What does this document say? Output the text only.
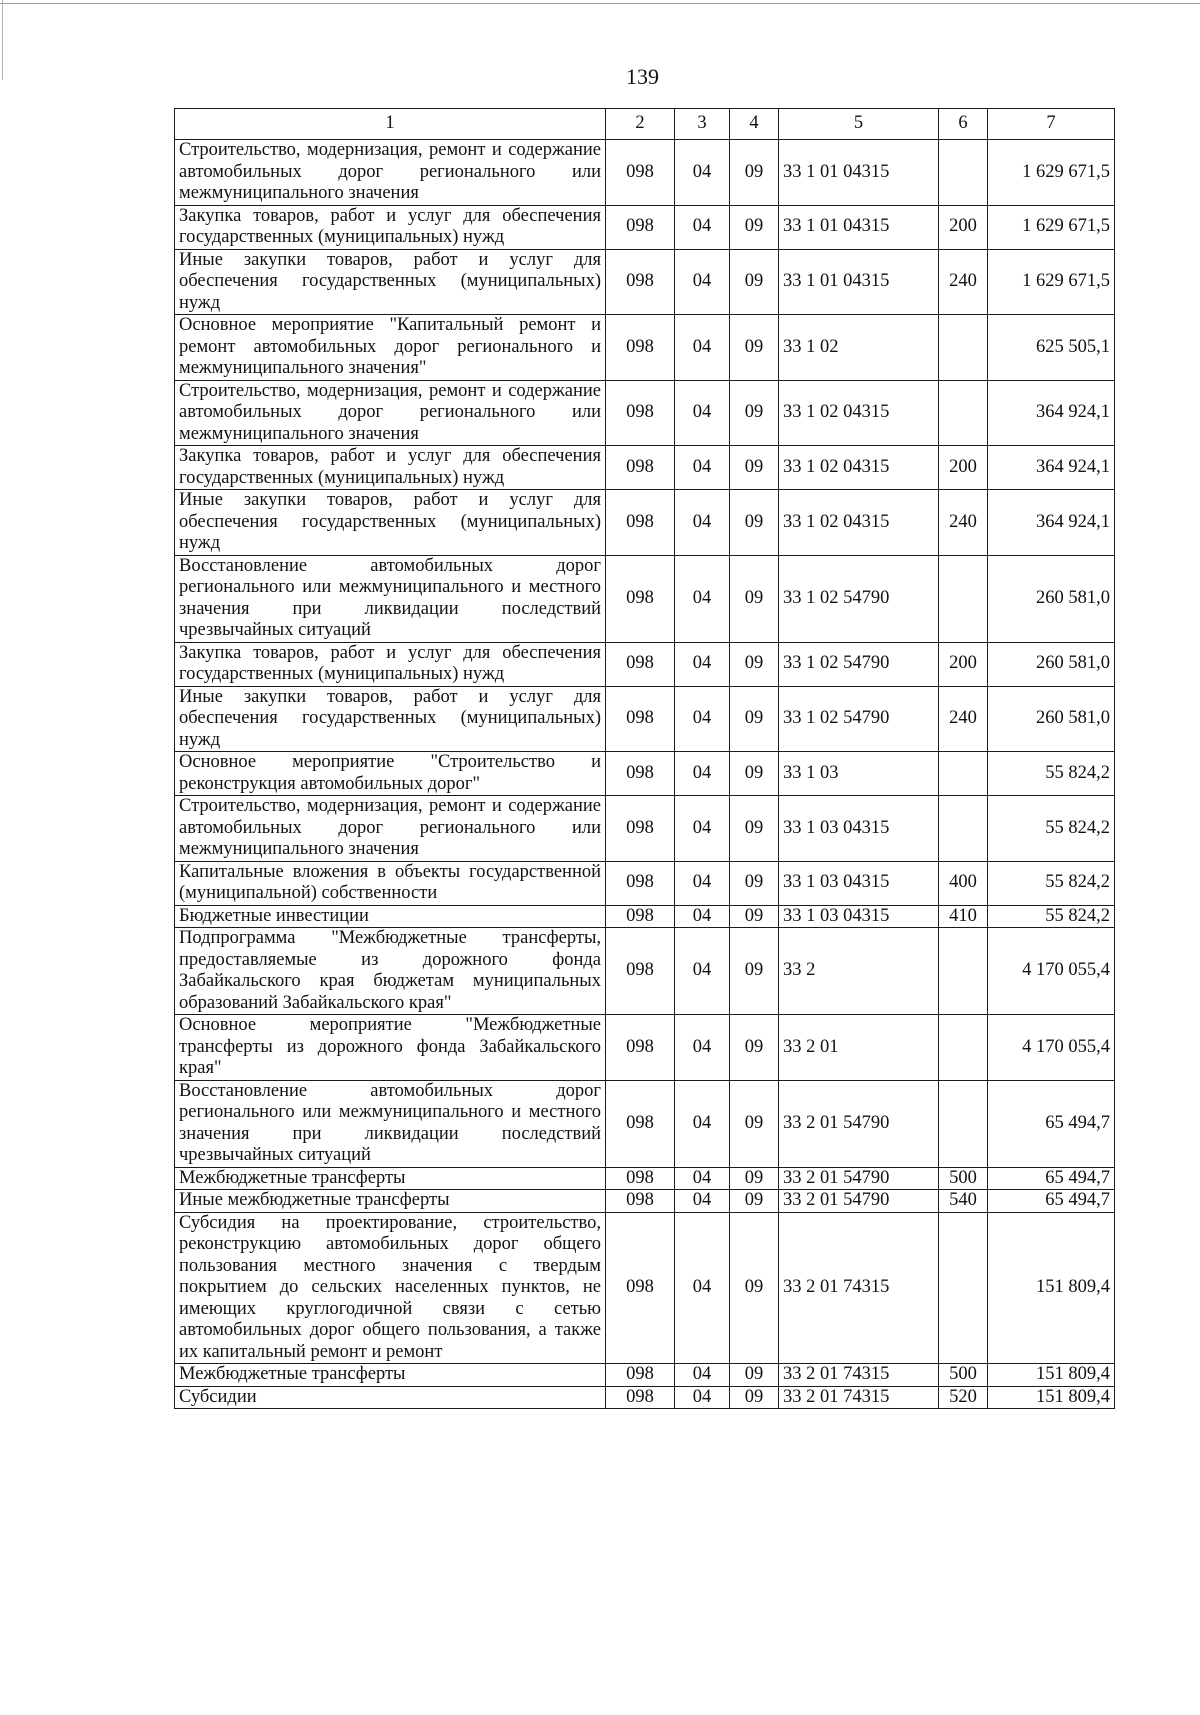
139
1	2	3	4	5	6	7
Строительство, модернизация, ремонт и содержание автомобильных дорог регионального или межмуниципального значения	098	04	09	33 1 01 04315		1 629 671,5
Закупка товаров, работ и услуг для обеспечения государственных (муниципальных) нужд	098	04	09	33 1 01 04315	200	1 629 671,5
Иные закупки товаров, работ и услуг для обеспечения государственных (муниципальных) нужд	098	04	09	33 1 01 04315	240	1 629 671,5
Основное мероприятие "Капитальный ремонт и ремонт автомобильных дорог регионального и межмуниципального значения"	098	04	09	33 1 02		625 505,1
Строительство, модернизация, ремонт и содержание автомобильных дорог регионального или межмуниципального значения	098	04	09	33 1 02 04315		364 924,1
Закупка товаров, работ и услуг для обеспечения государственных (муниципальных) нужд	098	04	09	33 1 02 04315	200	364 924,1
Иные закупки товаров, работ и услуг для обеспечения государственных (муниципальных) нужд	098	04	09	33 1 02 04315	240	364 924,1
Восстановление автомобильных дорог регионального или межмуниципального и местного значения при ликвидации последствий чрезвычайных ситуаций	098	04	09	33 1 02 54790		260 581,0
Закупка товаров, работ и услуг для обеспечения государственных (муниципальных) нужд	098	04	09	33 1 02 54790	200	260 581,0
Иные закупки товаров, работ и услуг для обеспечения государственных (муниципальных) нужд	098	04	09	33 1 02 54790	240	260 581,0
Основное мероприятие "Строительство и реконструкция автомобильных дорог"	098	04	09	33 1 03		55 824,2
Строительство, модернизация, ремонт и содержание автомобильных дорог регионального или межмуниципального значения	098	04	09	33 1 03 04315		55 824,2
Капитальные вложения в объекты государственной (муниципальной) собственности	098	04	09	33 1 03 04315	400	55 824,2
Бюджетные инвестиции	098	04	09	33 1 03 04315	410	55 824,2
Подпрограмма "Межбюджетные трансферты, предоставляемые из дорожного фонда Забайкальского края бюджетам муниципальных образований Забайкальского края"	098	04	09	33 2		4 170 055,4
Основное мероприятие "Межбюджетные трансферты из дорожного фонда Забайкальского края"	098	04	09	33 2 01		4 170 055,4
Восстановление автомобильных дорог регионального или межмуниципального и местного значения при ликвидации последствий чрезвычайных ситуаций	098	04	09	33 2 01 54790		65 494,7
Межбюджетные трансферты	098	04	09	33 2 01 54790	500	65 494,7
Иные межбюджетные трансферты	098	04	09	33 2 01 54790	540	65 494,7
Субсидия на проектирование, строительство, реконструкцию автомобильных дорог общего пользования местного значения с твердым покрытием до сельских населенных пунктов, не имеющих круглогодичной связи с сетью автомобильных дорог общего пользования, а также их капитальный ремонт и ремонт	098	04	09	33 2 01 74315		151 809,4
Межбюджетные трансферты	098	04	09	33 2 01 74315	500	151 809,4
Субсидии	098	04	09	33 2 01 74315	520	151 809,4
